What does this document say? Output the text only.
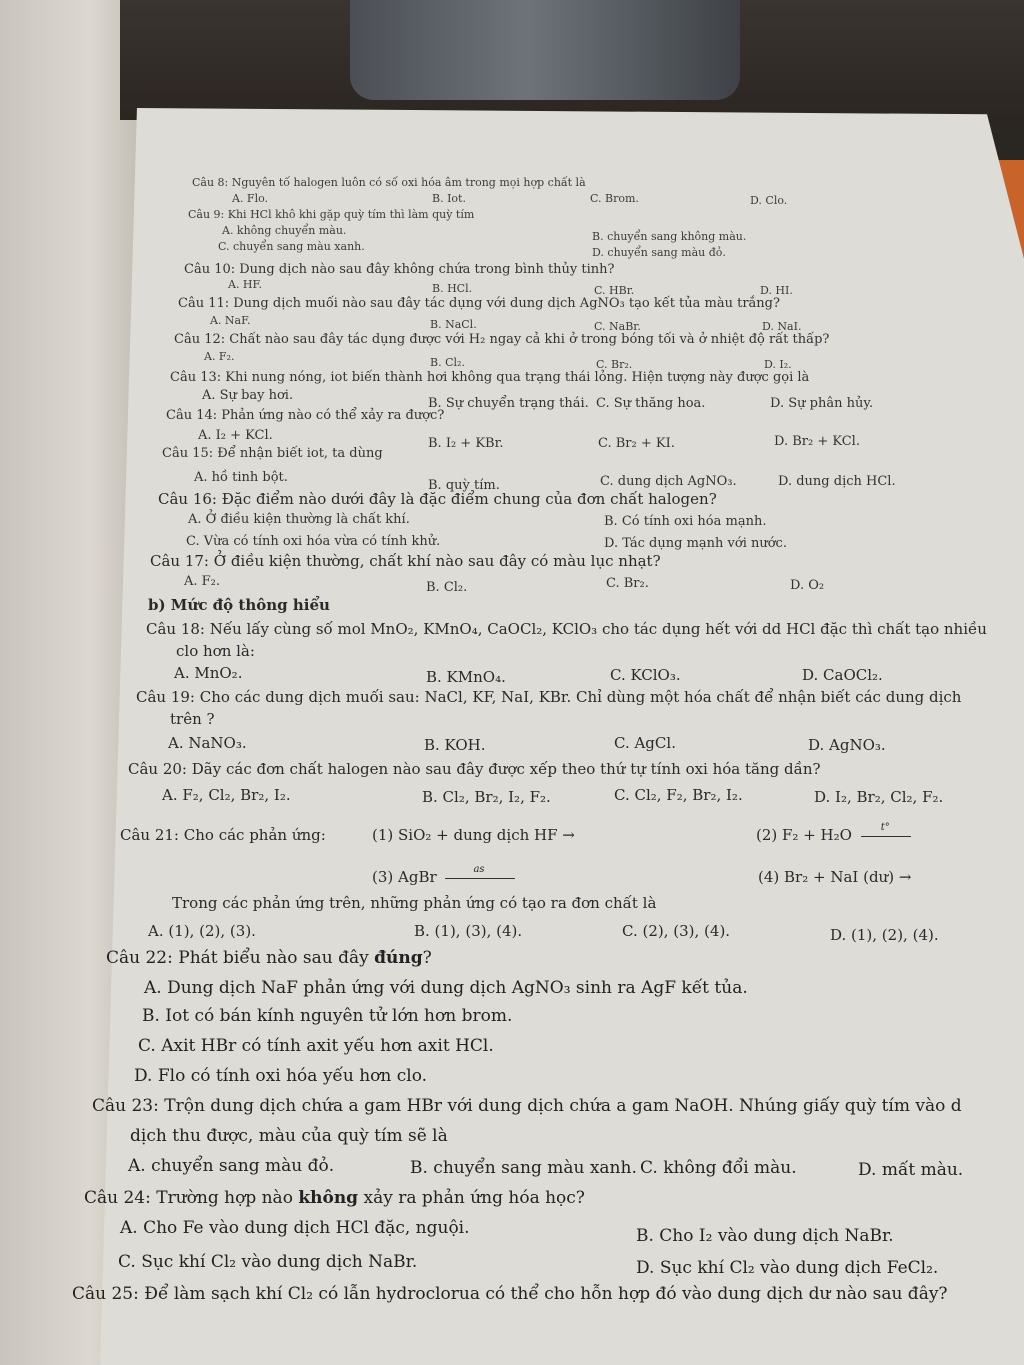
Câu 8: Nguyên tố halogen luôn có số oxi hóa âm trong mọi hợp chất là
A. Flo.	B. Iot.	C. Brom.	D. Clo.
Câu 9: Khi HCl khô khi gặp quỳ tím thì làm quỳ tím
A. không chuyển màu.	B. chuyển sang không màu.
C. chuyển sang màu xanh.	D. chuyển sang màu đỏ.
Câu 10: Dung dịch nào sau đây không chứa trong bình thủy tinh?
A. HF.	B. HCl.	C. HBr.	D. HI.
Câu 11: Dung dịch muối nào sau đây tác dụng với dung dịch AgNO₃ tạo kết tủa màu trắng?
A. NaF.	B. NaCl.	C. NaBr.	D. NaI.
Câu 12: Chất nào sau đây tác dụng được với H₂ ngay cả khi ở trong bóng tối và ở nhiệt độ rất thấp?
A. F₂.	B. Cl₂.	C. Br₂.	D. I₂.
Câu 13: Khi nung nóng, iot biến thành hơi không qua trạng thái lỏng. Hiện tượng này được gọi là
A. Sự bay hơi.
B. Sự chuyển trạng thái. C. Sự thăng hoa.	D. Sự phân hủy.
Câu 14: Phản ứng nào có thể xảy ra được?
A. I₂ + KCl.
B. I₂ + KBr.	C. Br₂ + KI.	D. Br₂ + KCl.
Câu 15: Để nhận biết iot, ta dùng
A. hồ tinh bột.
B. quỳ tím.	C. dung dịch AgNO₃.	D. dung dịch HCl.
Câu 16: Đặc điểm nào dưới đây là đặc điểm chung của đơn chất halogen?
A. Ở điều kiện thường là chất khí.	B. Có tính oxi hóa mạnh.
C. Vừa có tính oxi hóa vừa có tính khử.	D. Tác dụng mạnh với nước.
Câu 17: Ở điều kiện thường, chất khí nào sau đây có màu lục nhạt?
A. F₂.	B. Cl₂.	C. Br₂.	D. O₂
b) Mức độ thông hiểu
Câu 18: Nếu lấy cùng số mol MnO₂, KMnO₄, CaOCl₂, KClO₃ cho tác dụng hết với dd HCl đặc thì chất tạo nhiều
clo hơn là:
A. MnO₂.	B. KMnO₄.	C. KClO₃.	D. CaOCl₂.
Câu 19: Cho các dung dịch muối sau: NaCl, KF, NaI, KBr. Chỉ dùng một hóa chất để nhận biết các dung dịch
trên ?
A. NaNO₃.	B. KOH.	C. AgCl.	D. AgNO₃.
Câu 20: Dãy các đơn chất halogen nào sau đây được xếp theo thứ tự tính oxi hóa tăng dần?
A. F₂, Cl₂, Br₂, I₂.	B. Cl₂, Br₂, I₂, F₂.	C. Cl₂, F₂, Br₂, I₂.	D. I₂, Br₂, Cl₂, F₂.
Câu 21: Cho các phản ứng:	(1) SiO₂ + dung dịch HF →	(2) F₂ + H₂O	t°
(3) AgBr	as	(4) Br₂ + NaI (dư) →
Trong các phản ứng trên, những phản ứng có tạo ra đơn chất là
A. (1), (2), (3).	B. (1), (3), (4).	C. (2), (3), (4).	D. (1), (2), (4).
Câu 22: Phát biểu nào sau đây đúng?
A. Dung dịch NaF phản ứng với dung dịch AgNO₃ sinh ra AgF kết tủa.
B. Iot có bán kính nguyên tử lớn hơn brom.
C. Axit HBr có tính axit yếu hơn axit HCl.
D. Flo có tính oxi hóa yếu hơn clo.
Câu 23: Trộn dung dịch chứa a gam HBr với dung dịch chứa a gam NaOH. Nhúng giấy quỳ tím vào d
dịch thu được, màu của quỳ tím sẽ là
A. chuyển sang màu đỏ.	B. chuyển sang màu xanh. C. không đổi màu.	D. mất màu.
Câu 24: Trường hợp nào không xảy ra phản ứng hóa học?
A. Cho Fe vào dung dịch HCl đặc, nguội.	B. Cho I₂ vào dung dịch NaBr.
C. Sục khí Cl₂ vào dung dịch NaBr.	D. Sục khí Cl₂ vào dung dịch FeCl₂.
Câu 25: Để làm sạch khí Cl₂ có lẫn hydroclorua có thể cho hỗn hợp đó vào dung dịch dư nào sau đây?
